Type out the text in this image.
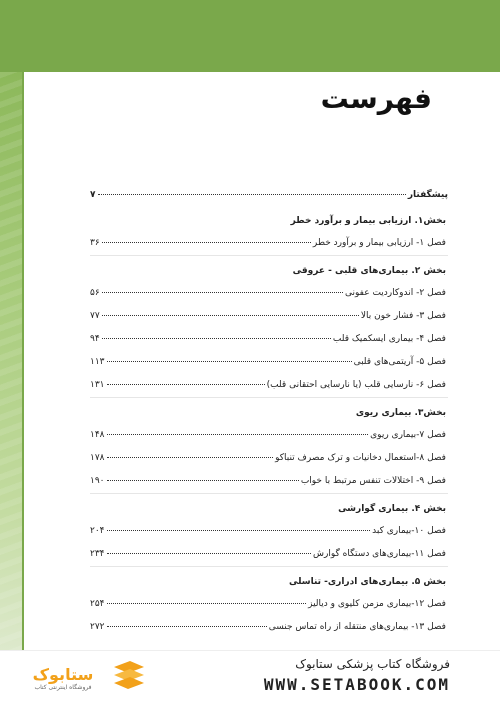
فهرست
پیشگفتار
۷
بخش۱. ارزیابی بیمار و برآورد خطر
فصل ۱- ارزیابی بیمار و برآورد خطر
۳۶
بخش ۲. بیماری‌های قلبی - عروقی
فصل ۲- اندوکاردیت عفونی
۵۶
فصل ۳- فشار خون بالا
۷۷
فصل ۴- بیماری ایسکمیک قلب
۹۴
فصل ۵- آریتمی‌های قلبی
۱۱۳
فصل ۶- نارسایی قلب (یا نارسایی احتقانی قلب)
۱۳۱
بخش۳. بیماری ریوی
فصل ۷-بیماری ریوی
۱۴۸
فصل ۸-استعمال دخانیات و ترک مصرف تنباکو
۱۷۸
فصل ۹- اختلالات تنفس مرتبط با خواب
۱۹۰
بخش ۴. بیماری گوارشی
فصل ۱۰-بیماری کبد
۲۰۴
فصل ۱۱-بیماری‌های دستگاه گوارش
۲۳۴
بخش ۵. بیماری‌های ادراری- تناسلی
فصل ۱۲-بیماری مزمن کلیوی و دیالیز
۲۵۴
فصل ۱۳- بیماری‌های منتقله از راه تماس جنسی
۲۷۲
ستابوک
فروشگاه اینترنتی کتاب
فروشگاه کتاب پزشکی ستابوک
WWW.SETABOOK.COM
